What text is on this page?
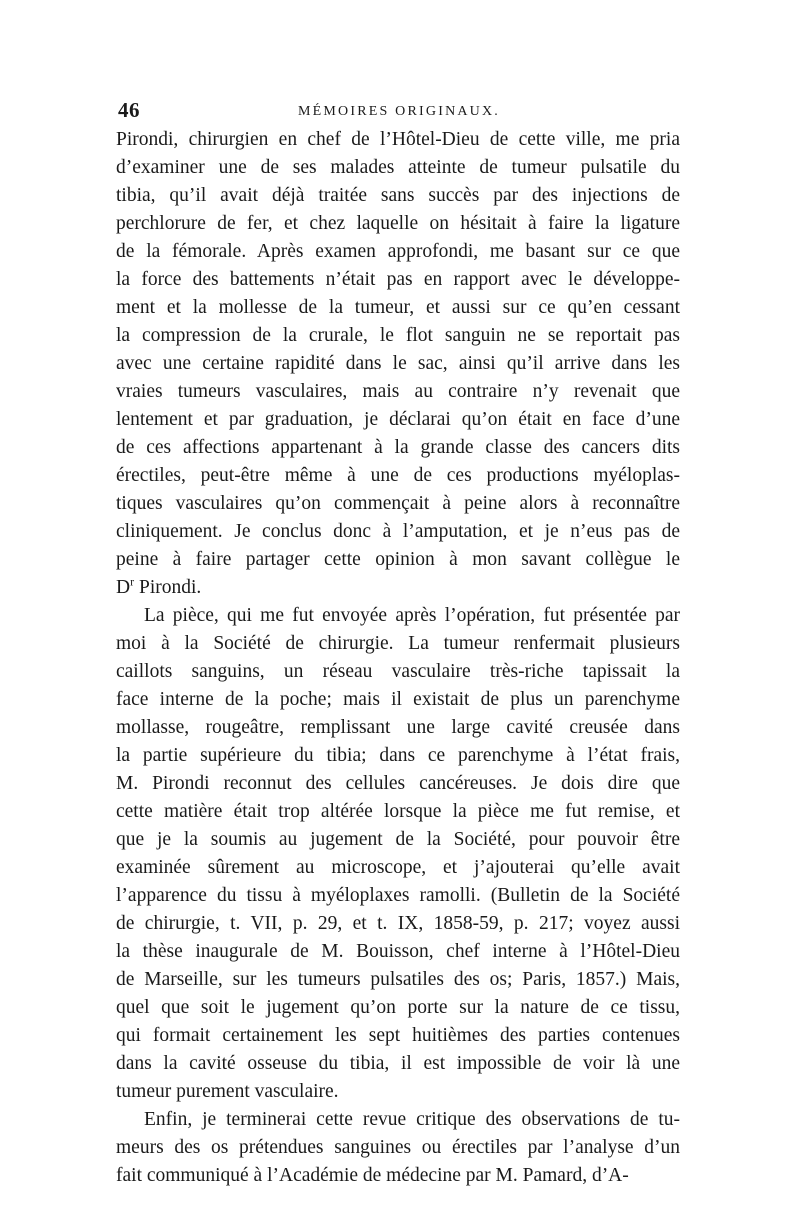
46	MÉMOIRES ORIGINAUX.
Pirondi, chirurgien en chef de l’Hôtel-Dieu de cette ville, me pria
d’examiner une de ses malades atteinte de tumeur pulsatile du
tibia, qu’il avait déjà traitée sans succès par des injections de
perchlorure de fer, et chez laquelle on hésitait à faire la ligature
de la fémorale. Après examen approfondi, me basant sur ce que
la force des battements n’était pas en rapport avec le développe-
ment et la mollesse de la tumeur, et aussi sur ce qu’en cessant
la compression de la crurale, le flot sanguin ne se reportait pas
avec une certaine rapidité dans le sac, ainsi qu’il arrive dans les
vraies tumeurs vasculaires, mais au contraire n’y revenait que
lentement et par graduation, je déclarai qu’on était en face d’une
de ces affections appartenant à la grande classe des cancers dits
érectiles, peut-être même à une de ces productions myéloplas-
tiques vasculaires qu’on commençait à peine alors à reconnaître
cliniquement. Je conclus donc à l’amputation, et je n’eus pas de
peine à faire partager cette opinion à mon savant collègue le
$D^r$ Pirondi.
La pièce, qui me fut envoyée après l’opération, fut présentée par
moi à la Société de chirurgie. La tumeur renfermait plusieurs
caillots sanguins, un réseau vasculaire très-riche tapissait la
face interne de la poche; mais il existait de plus un parenchyme
mollasse, rougeâtre, remplissant une large cavité creusée dans
la partie supérieure du tibia; dans ce parenchyme à l’état frais,
M. Pirondi reconnut des cellules cancéreuses. Je dois dire que
cette matière était trop altérée lorsque la pièce me fut remise, et
que je la soumis au jugement de la Société, pour pouvoir être
examinée sûrement au microscope, et j’ajouterai qu’elle avait
l’apparence du tissu à myéloplaxes ramolli. (Bulletin de la Société
de chirurgie, t. VII, p. 29, et t. IX, 1858-59, p. 217; voyez aussi
la thèse inaugurale de M. Bouisson, chef interne à l’Hôtel-Dieu
de Marseille, sur les tumeurs pulsatiles des os; Paris, 1857.) Mais,
quel que soit le jugement qu’on porte sur la nature de ce tissu,
qui formait certainement les sept huitièmes des parties contenues
dans la cavité osseuse du tibia, il est impossible de voir là une
tumeur purement vasculaire.
Enfin, je terminerai cette revue critique des observations de tu-
meurs des os prétendues sanguines ou érectiles par l’analyse d’un
fait communiqué à l’Académie de médecine par M. Pamard, d’A-
